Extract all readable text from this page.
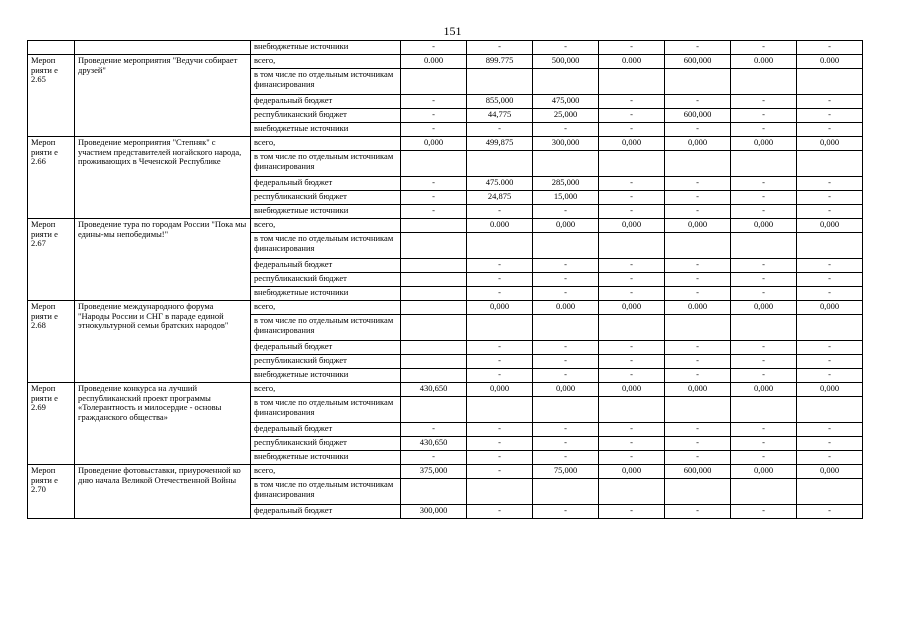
151
		внебюджетные источники	-	-	-	-	-	-	-
Мероп рияти е 2.65	Проведение мероприятия "Ведучи собирает друзей"	всего,	0.000	899.775	500,000	0.000	600,000	0.000	0.000
		в том числе по отдельным источникам финансирования							
		федеральный бюджет	-	855,000	475,000	-	-	-	-
		республиканский бюджет	-	44,775	25,000	-	600,000	-	-
		внебюджетные источники	-	-	-	-	-	-	-
Мероп рияти е 2.66	Проведение мероприятия "Степняк" с участием представителей ногайского народа, проживающих в Чеченской Республике	всего,	0,000	499,875	300,000	0,000	0,000	0,000	0,000
		в том числе по отдельным источникам финансирования							
		федеральный бюджет	-	475.000	285,000	-	-	-	-
		республиканский бюджет	-	24,875	15,000	-	-	-	-
		внебюджетные источники	-	-	-	-	-	-	-
Мероп рияти е 2.67	Проведение тура по городам России "Пока мы едины-мы непобедимы!"	всего,		0.000	0,000	0,000	0,000	0,000	0,000
		в том числе по отдельным источникам финансирования							
		федеральный бюджет		-	-	-	-	-	-
		республиканский бюджет		-	-	-	-	-	-
		внебюджетные источники		-	-	-	-	-	-
Мероп рияти е 2.68	Проведение международного форума "Народы России и СНГ в параде единой этнокультурной семьи братских народов"	всего,		0,000	0.000	0,000	0.000	0,000	0,000
		в том числе по отдельным источникам финансирования							
		федеральный бюджет		-	-	-	-	-	-
		республиканский бюджет		-	-	-	-	-	-
		внебюджетные источники		-	-	-	-	-	-
Мероп рияти е 2.69	Проведение конкурса на лучший республиканский проект программы «Толерантность и милосердие - основы гражданского общества»	всего,	430,650	0,000	0,000	0,000	0,000	0,000	0,000
		в том числе по отдельным источникам финансирования							
		федеральный бюджет	-	-	-	-	-	-	-
		республиканский бюджет	430,650	-	-	-	-	-	-
		внебюджетные источники	-	-	-	-	-	-	-
Мероп рияти е 2.70	Проведение фотовыставки, приуроченной ко дню начала Великой Отечественной Войны	всего,	375,000	-	75,000	0,000	600,000	0,000	0,000
		в том числе по отдельным источникам финансирования							
		федеральный бюджет	300,000	-	-	-	-	-	-
